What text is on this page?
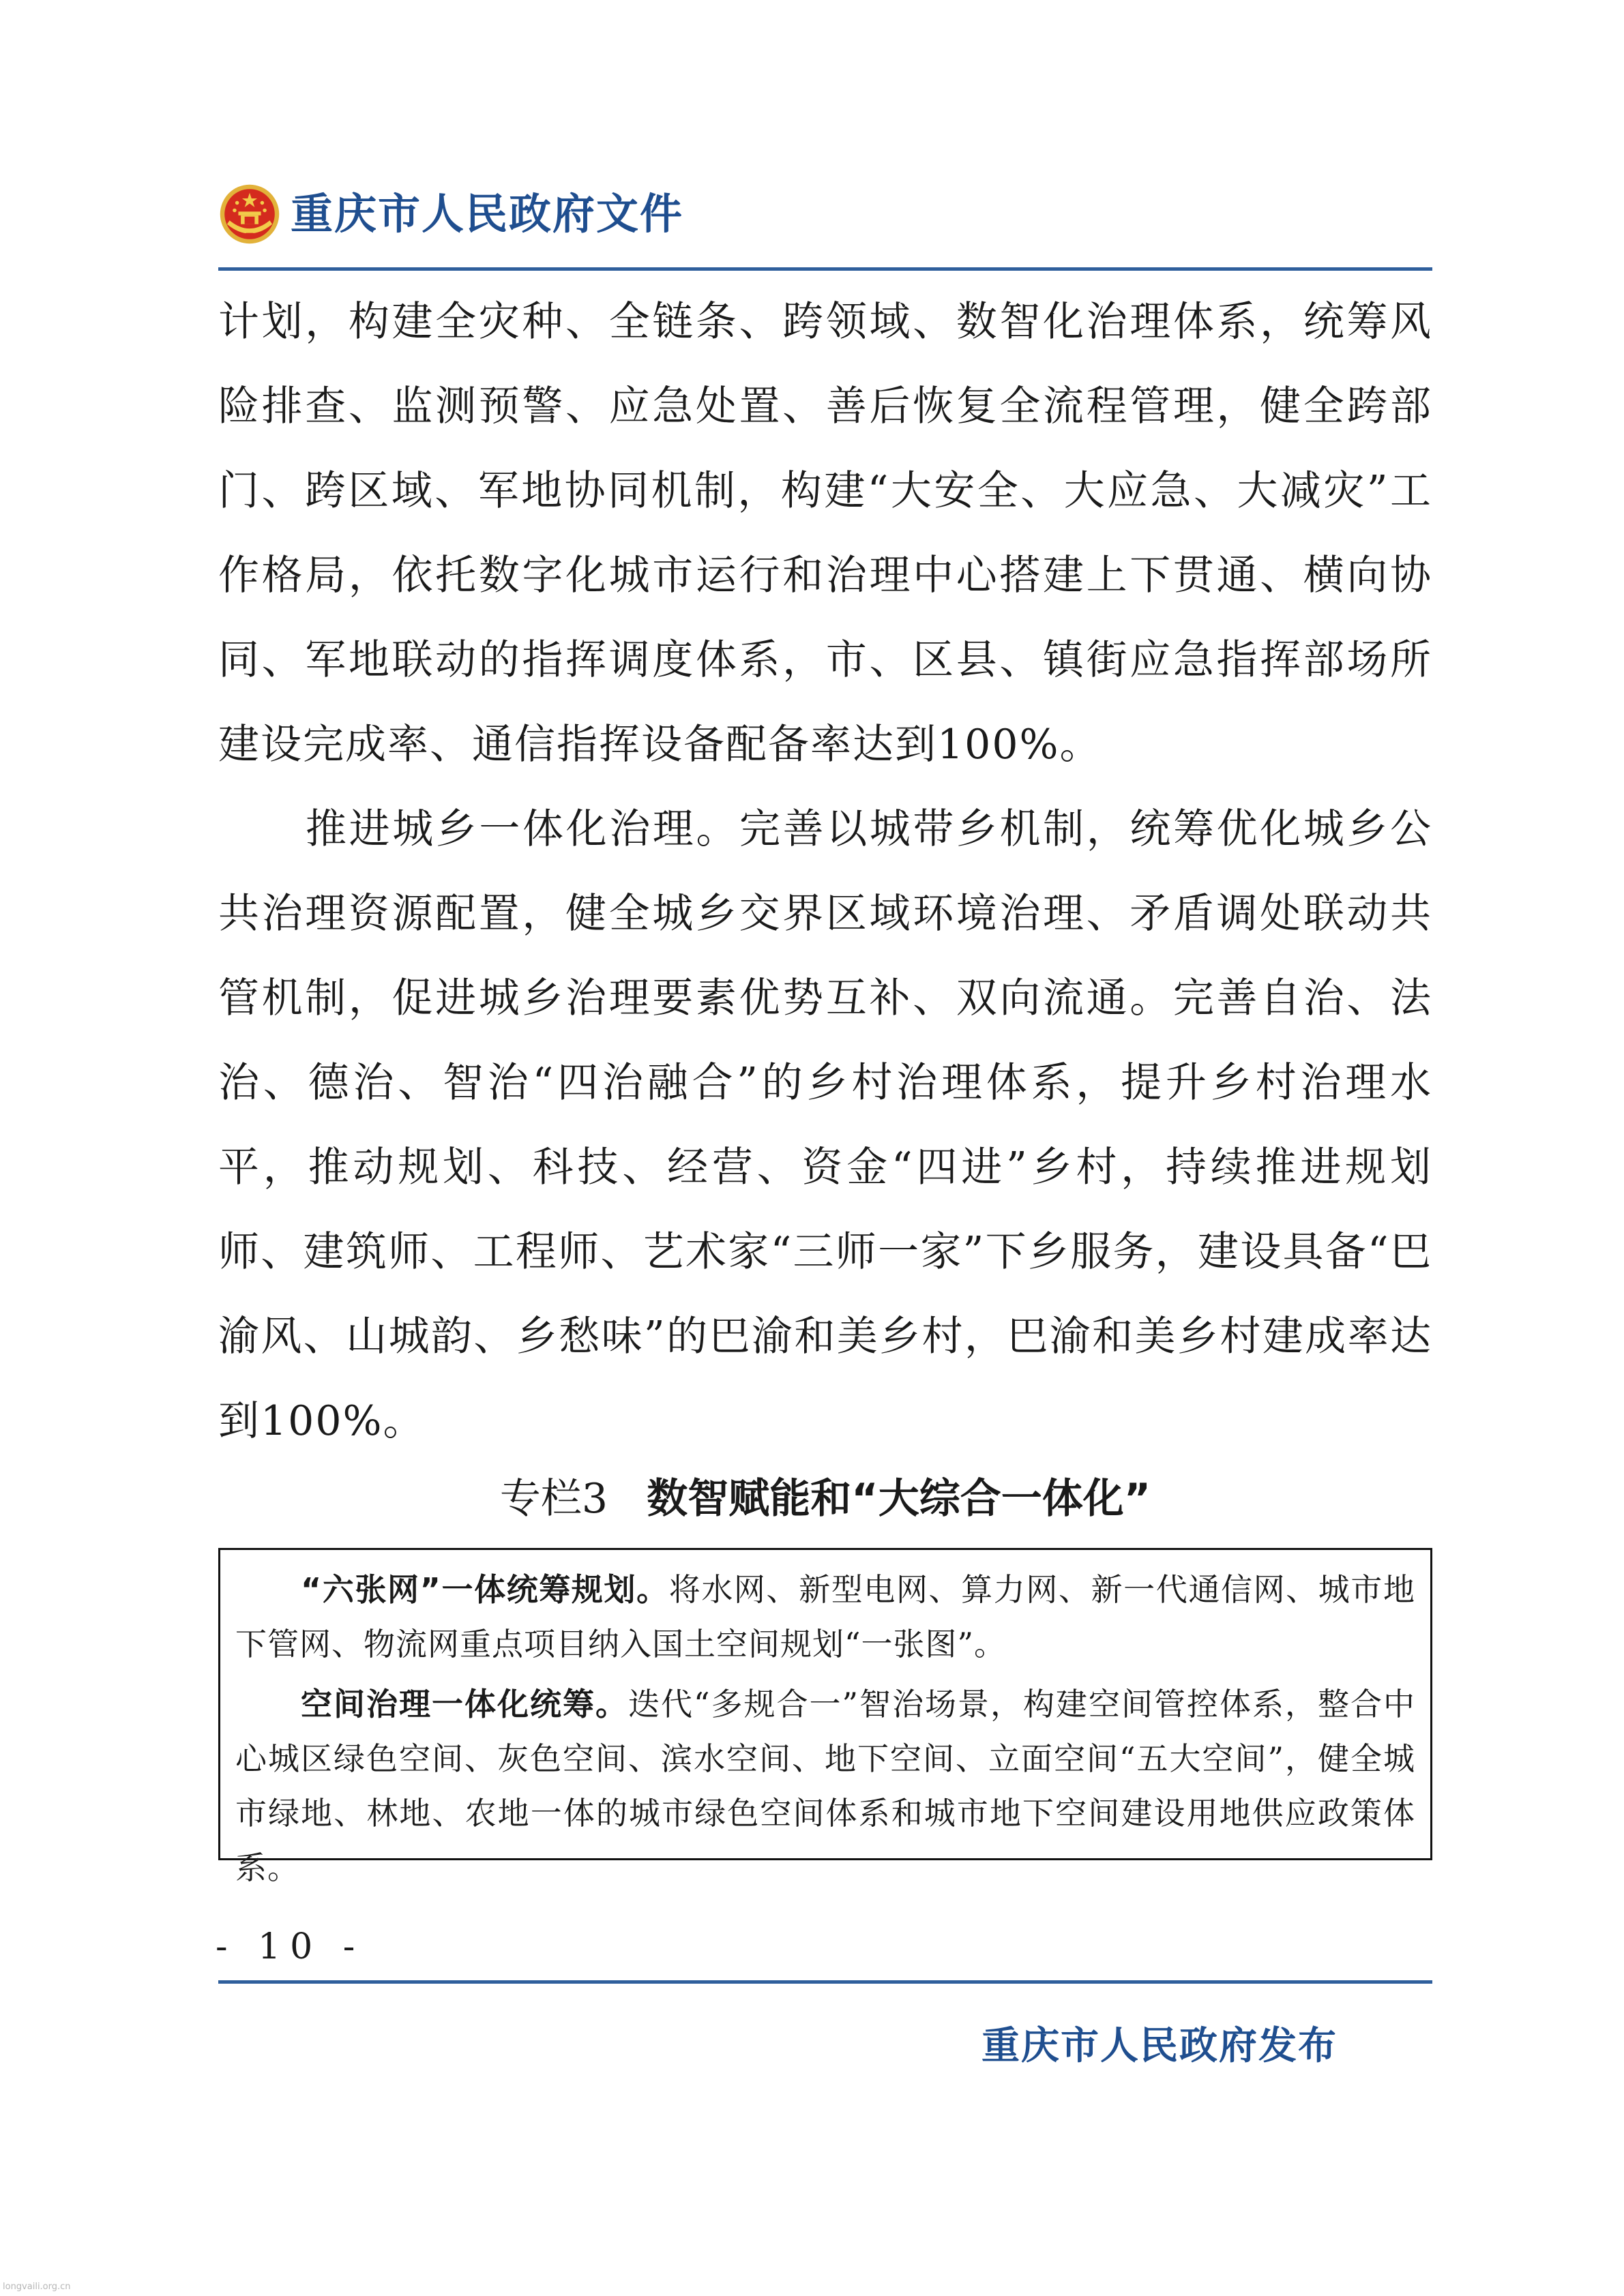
重庆市人民政府文件

计划，构建全灾种、全链条、跨领域、数智化治理体系，统筹风险排查、监测预警、应急处置、善后恢复全流程管理，健全跨部门、跨区域、军地协同机制，构建“大安全、大应急、大减灾”工作格局，依托数字化城市运行和治理中心搭建上下贯通、横向协同、军地联动的指挥调度体系，市、区县、镇街应急指挥部场所建设完成率、通信指挥设备配备率达到100%。

推进城乡一体化治理。完善以城带乡机制，统筹优化城乡公共治理资源配置，健全城乡交界区域环境治理、矛盾调处联动共管机制，促进城乡治理要素优势互补、双向流通。完善自治、法治、德治、智治“四治融合”的乡村治理体系，提升乡村治理水平，推动规划、科技、经营、资金“四进”乡村，持续推进规划师、建筑师、工程师、艺术家“三师一家”下乡服务，建设具备“巴渝风、山城韵、乡愁味”的巴渝和美乡村，巴渝和美乡村建成率达到100%。

专栏3 数智赋能和“大综合一体化”

“六张网”一体统筹规划。将水网、新型电网、算力网、新一代通信网、城市地下管网、物流网重点项目纳入国土空间规划“一张图”。

空间治理一体化统筹。迭代“多规合一”智治场景，构建空间管控体系，整合中心城区绿色空间、灰色空间、滨水空间、地下空间、立面空间“五大空间”，健全城市绿地、林地、农地一体的城市绿色空间体系和城市地下空间建设用地供应政策体系。

- 10 -
重庆市人民政府发布
longvaili.org.cn
